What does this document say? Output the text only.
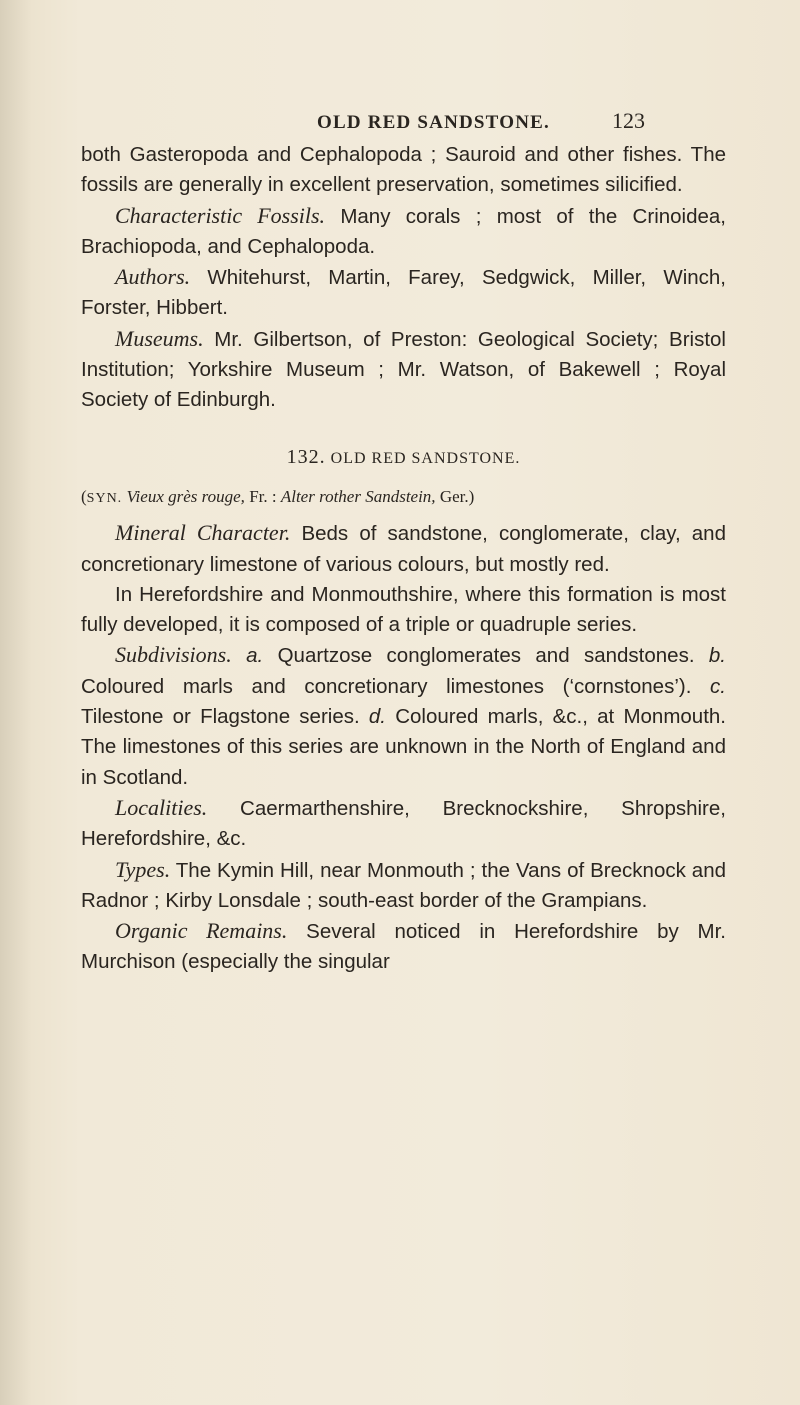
OLD RED SANDSTONE.	123

both Gasteropoda and Cephalopoda ; Sauroid and other fishes. The fossils are generally in excellent preservation, sometimes silicified.

Characteristic Fossils. Many corals ; most of the Crinoidea, Brachiopoda, and Cephalopoda.

Authors. Whitehurst, Martin, Farey, Sedgwick, Miller, Winch, Forster, Hibbert.

Museums. Mr. Gilbertson, of Preston: Geological Society; Bristol Institution; Yorkshire Museum ; Mr. Watson, of Bakewell ; Royal Society of Edinburgh.

132. OLD RED SANDSTONE.

(SYN. Vieux grès rouge, Fr. : Alter rother Sandstein, Ger.)

Mineral Character. Beds of sandstone, conglomerate, clay, and concretionary limestone of various colours, but mostly red.

In Herefordshire and Monmouthshire, where this formation is most fully developed, it is composed of a triple or quadruple series.

Subdivisions. a. Quartzose conglomerates and sandstones. b. Coloured marls and concretionary limestones (‘cornstones’). c. Tilestone or Flagstone series. d. Coloured marls, &c., at Monmouth. The limestones of this series are unknown in the North of England and in Scotland.

Localities. Caermarthenshire, Brecknockshire, Shropshire, Herefordshire, &c.

Types. The Kymin Hill, near Monmouth ; the Vans of Brecknock and Radnor ; Kirby Lonsdale ; south-east border of the Grampians.

Organic Remains. Several noticed in Herefordshire by Mr. Murchison (especially the singular
